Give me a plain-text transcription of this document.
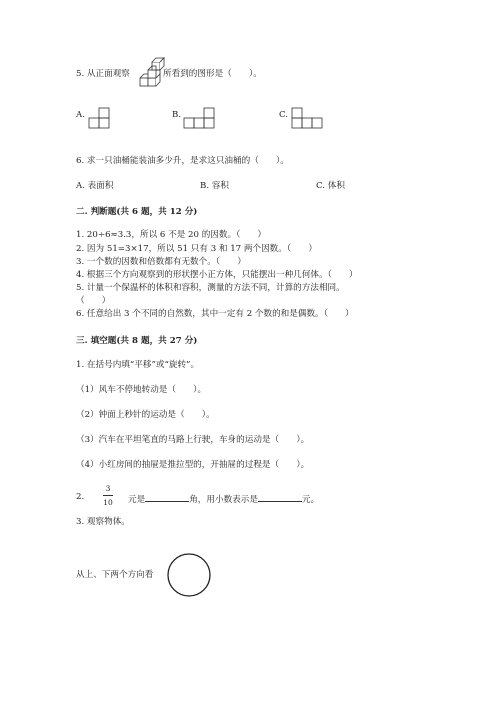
5. 从正面观察	所看到的图形是（　　）。
A.	B.	C.
6. 求一只油桶能装油多少升，是求这只油桶的（　　）。
A. 表面积	B. 容积	C. 体积
二. 判断题(共 6 题，共 12 分)
1. 20÷6≈3.3，所以 6 不是 20 的因数。（　　）
2. 因为 51=3×17，所以 51 只有 3 和 17 两个因数。（　　）
3. 一个数的因数和倍数都有无数个。（　　）
4. 根据三个方向观察到的形状摆小正方体，只能摆出一种几何体。（　　）
5. 计量一个保温杯的体积和容积，测量的方法不同，计算的方法相同。
（　　）
6. 任意给出 3 个不同的自然数，其中一定有 2 个数的和是偶数。（　　）
三. 填空题(共 8 题，共 27 分)
1. 在括号内填“平移”或“旋转”。
（1）风车不停地转动是（　　）。
（2）钟面上秒针的运动是（　　）。
（3）汽车在平坦笔直的马路上行驶，车身的运动是（　　）。
（4）小红房间的抽屉是推拉型的，开抽屉的过程是（　　）。
2.
3
10 元是	角，用小数表示是	元。
3. 观察物体。
从上、下两个方向看
